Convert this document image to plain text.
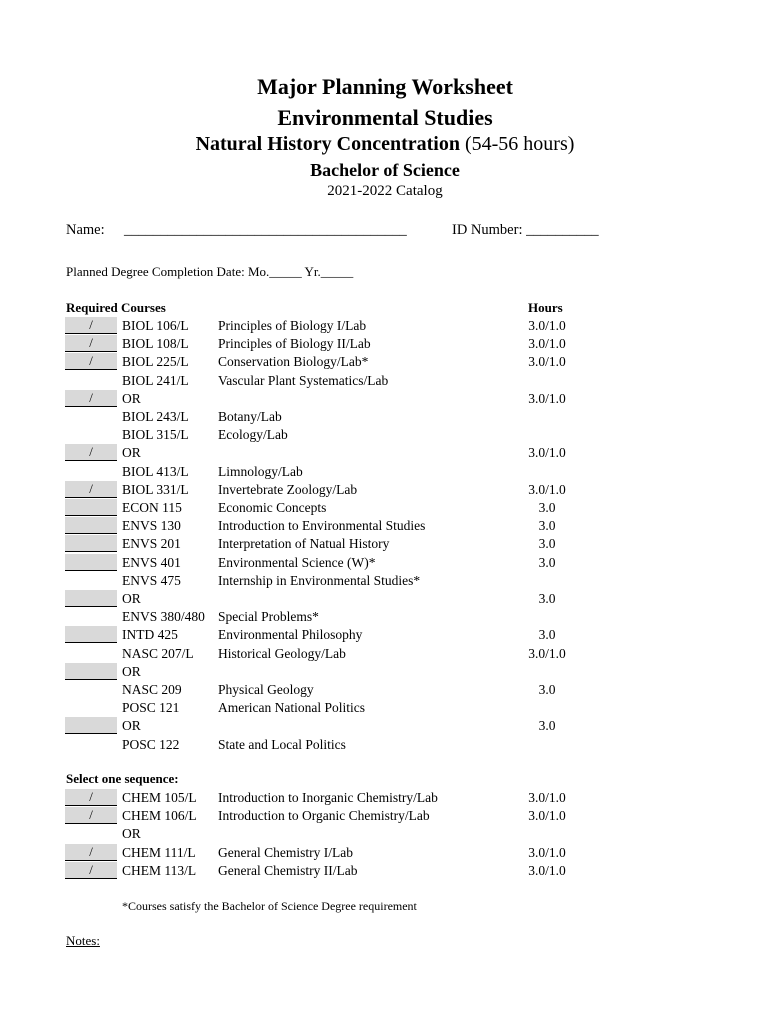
Major Planning Worksheet
Environmental Studies
Natural History Concentration (54-56 hours)
Bachelor of Science
2021-2022 Catalog
Name: _______________________________________	ID Number: __________
Planned Degree Completion Date: Mo._____ Yr._____
Required Courses	Hours
/	BIOL 106/L Principles of Biology I/Lab	3.0/1.0
/	BIOL 108/L Principles of Biology II/Lab	3.0/1.0
/	BIOL 225/L Conservation Biology/Lab*	3.0/1.0
BIOL 241/L Vascular Plant Systematics/Lab
/	OR	3.0/1.0
BIOL 243/L Botany/Lab
BIOL 315/L Ecology/Lab
/	OR	3.0/1.0
BIOL 413/L Limnology/Lab
/	BIOL 331/L Invertebrate Zoology/Lab	3.0/1.0
ECON 115	Economic Concepts	3.0
ENVS 130	Introduction to Environmental Studies	3.0
ENVS 201	Interpretation of Natual History	3.0
ENVS 401	Environmental Science (W)*	3.0
ENVS 475	Internship in Environmental Studies*
OR	3.0
ENVS 380/480 Special Problems*
INTD 425	Environmental Philosophy	3.0
NASC 207/L Historical Geology/Lab	3.0/1.0
OR
NASC 209	Physical Geology	3.0
POSC 121	American National Politics
OR	3.0
POSC 122	State and Local Politics
Select one sequence:
/	CHEM 105/L Introduction to Inorganic Chemistry/Lab	3.0/1.0
/	CHEM 106/L Introduction to Organic Chemistry/Lab	3.0/1.0
OR
/	CHEM 111/L General Chemistry I/Lab	3.0/1.0
/	CHEM 113/L General Chemistry II/Lab	3.0/1.0
*Courses satisfy the Bachelor of Science Degree requirement
Notes:
